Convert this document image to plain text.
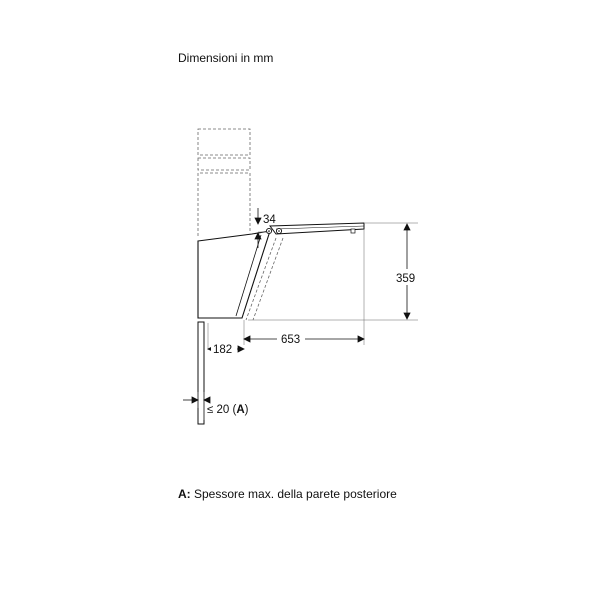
Dimensioni in mm
34
359
653
182
≤ 20 (A)
A: Spessore max. della parete posteriore
